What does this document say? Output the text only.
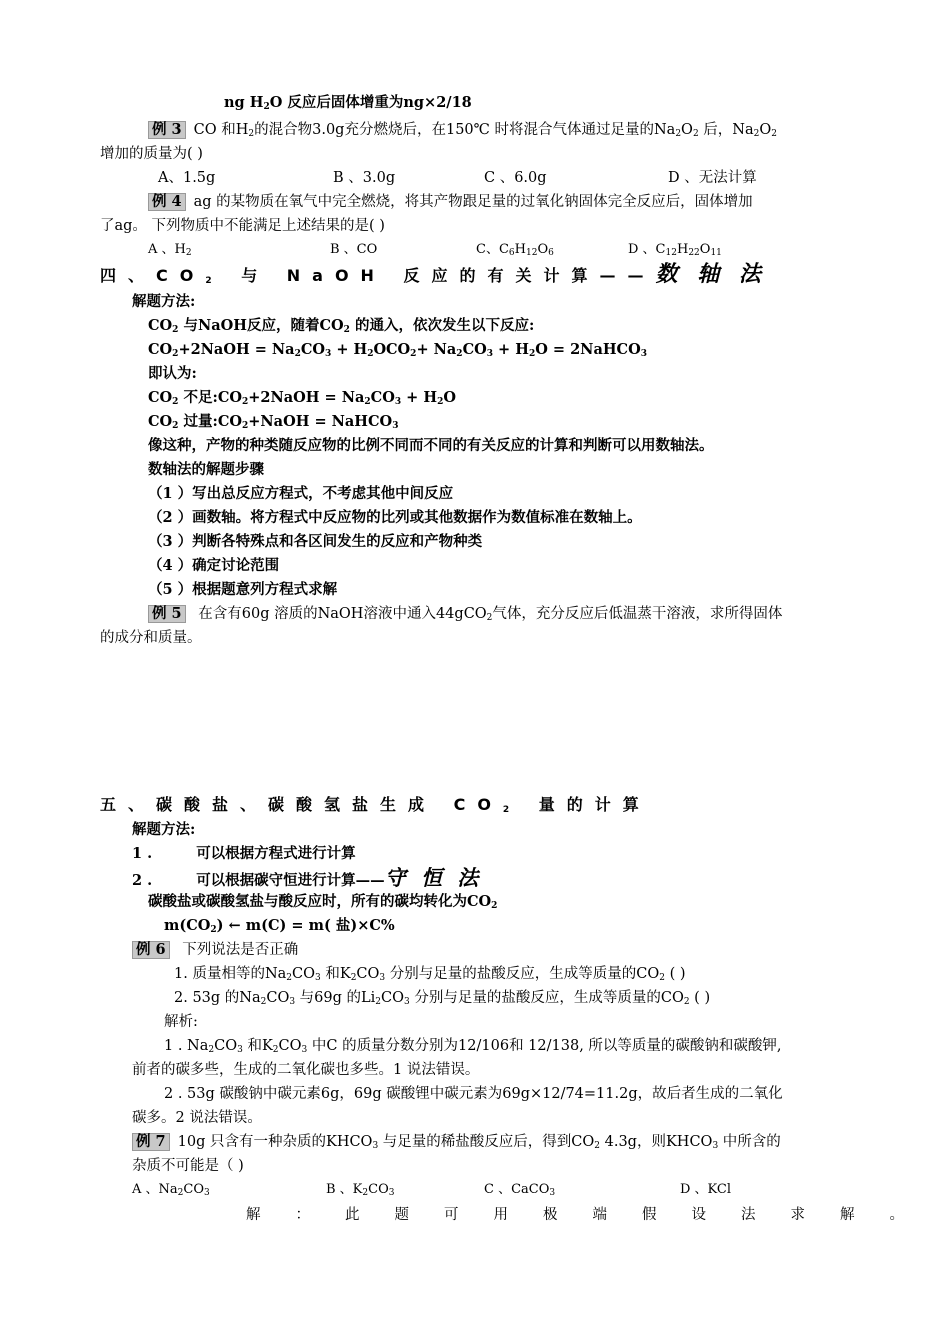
ng $H_2O$ 反应后固体增重为ng×2/18
例 3 CO 和$H_2$的混合物3.0g充分燃烧后，在150℃ 时将混合气体通过足量的$Na_2O_2$ 后，$Na_2O_2$
增加的质量为( )
A、1.5g	B 、3.0g	C 、6.0g	D 、无法计算
例 4 ag 的某物质在氧气中完全燃烧，将其产物跟足量的过氧化钠固体完全反应后，固体增加
了ag。 下列物质中不能满足上述结果的是( )
A 、$H_2$	B 、CO	C、$C_6H_{12}O_6$	D 、$C_{12}H_{22}O_{11}$
四、$CO_2$ 与 NaOH 反应的有关计算——数 轴 法
解题方法:
$CO_2$ 与NaOH反应，随着$CO_2$ 的通入，依次发生以下反应:
$CO_2+2NaOH = Na_2CO_3 + H_2O$ $CO_2+ Na_2CO_3 + H_2O$ = 2NaHCO$_3$
即认为:
$CO_2$ 不足$:CO_2+2NaOH = Na_2CO_3 + H_2O$
$CO_2$ 过量$:CO_2+NaOH$ = NaHCO$_3$
像这种，产物的种类随反应物的比例不同而不同的有关反应的计算和判断可以用数轴法。
数轴法的解题步骤
（1 ）写出总反应方程式，不考虑其他中间反应
（2 ）画数轴。将方程式中反应物的比列或其他数据作为数值标准在数轴上。
（3 ）判断各特殊点和各区间发生的反应和产物种类
（4 ）确定讨论范围
（5 ）根据题意列方程式求解
例 5 在含有60g 溶质的NaOH溶液中通入44gCO$_2$气体，充分反应后低温蒸干溶液，求所得固体
的成分和质量。
五、碳酸盐、碳酸氢盐生成 $CO_2$ 量的计算
解题方法:
1 .	可以根据方程式进行计算
2 .	可以根据碳守恒进行计算——守 恒 法
碳酸盐或碳酸氢盐与酸反应时，所有的碳均转化为$CO_2$
$m(CO_2)$ ← m(C) = m( 盐)×C%
例 6 下列说法是否正确
1. 质量相等的$Na_2CO_3$ 和$K_2CO_3$ 分别与足量的盐酸反应，生成等质量的$CO_2$ ( )
2. 53g 的$Na_2CO_3$ 与69g 的$Li_2CO_3$ 分别与足量的盐酸反应，生成等质量的$CO_2$ ( )
解析:
1 . $Na_2CO_3$ 和$K_2CO_3$ 中C 的质量分数分别为12/106和 12/138, 所以等质量的碳酸钠和碳酸钾,
前者的碳多些，生成的二氧化碳也多些。1 说法错误。
2 . 53g 碳酸钠中碳元素6g，69g 碳酸锂中碳元素为69g×12/74=11.2g，故后者生成的二氧化
碳多。2 说法错误。
例 7 10g 只含有一种杂质的$KHCO_3$ 与足量的稀盐酸反应后，得到$CO_2$ 4.3g，则$KHCO_3$ 中所含的
杂质不可能是（ )
A 、$Na_2CO_3$	B 、$K_2CO_3$	C 、CaCO$_3$	D 、KCl
解：此题可用极端假设法求解。
